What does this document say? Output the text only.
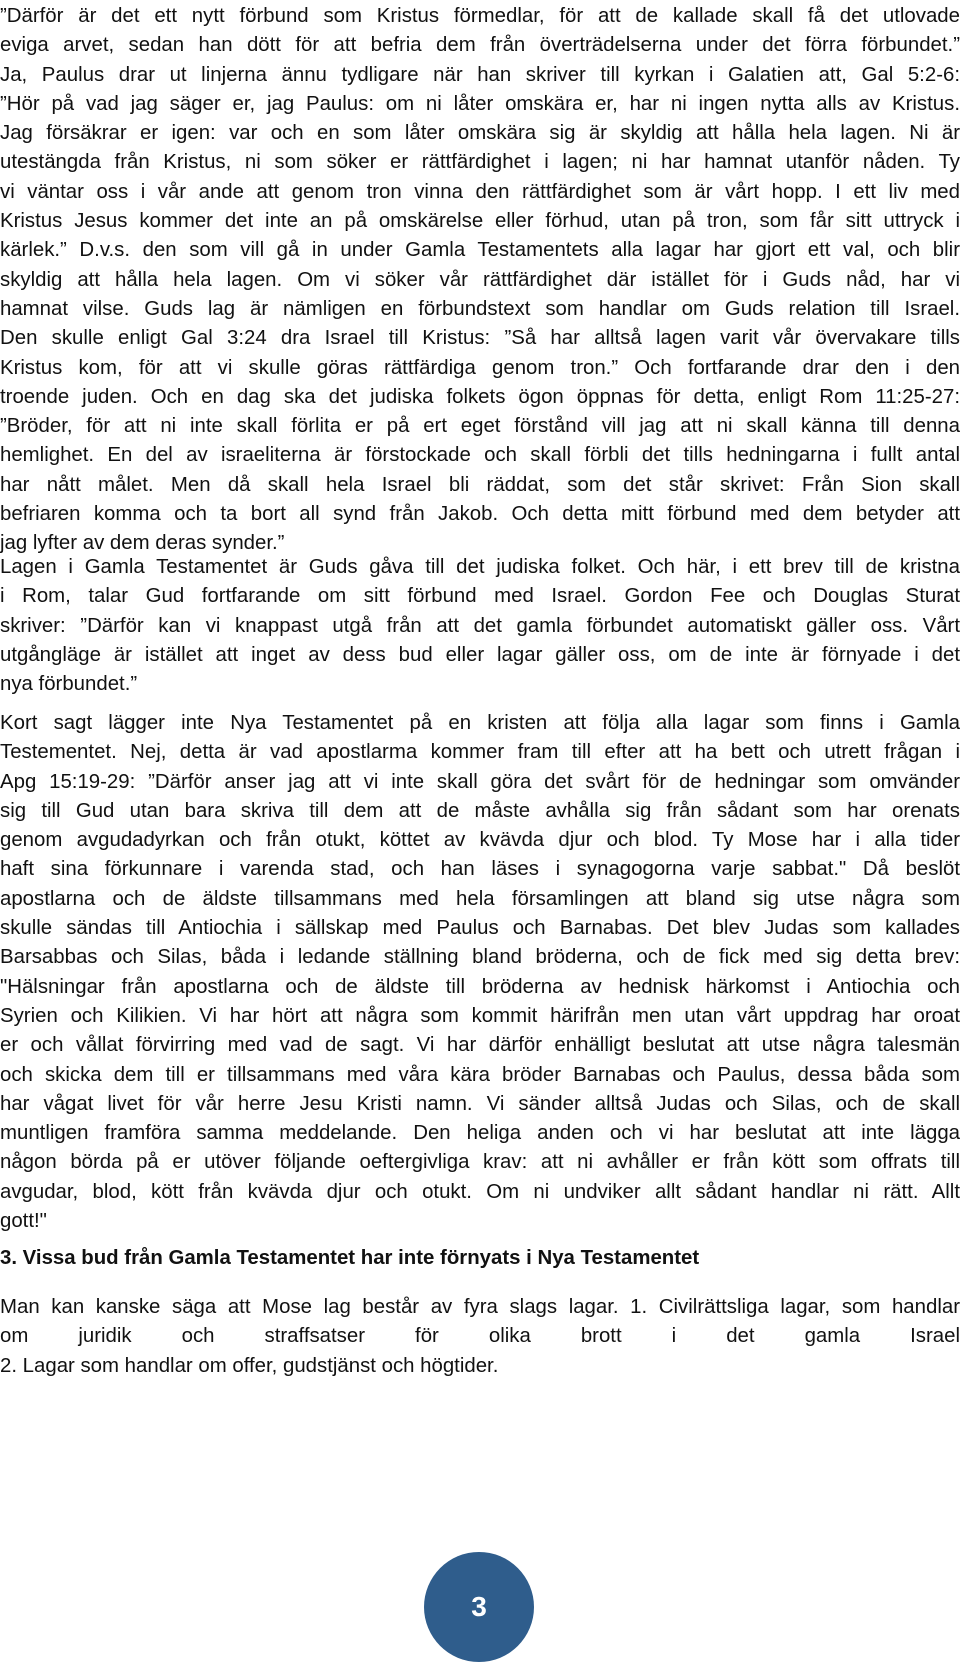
”Därför är det ett nytt förbund som Kristus förmedlar, för att de kallade skall få det utlovade
eviga arvet, sedan han dött för att befria dem från överträdelserna under det förra förbundet.”
Ja, Paulus drar ut linjerna ännu tydligare när han skriver till kyrkan i Galatien att, Gal 5:2-6:
”Hör på vad jag säger er, jag Paulus: om ni låter omskära er, har ni ingen nytta alls av Kristus.
Jag försäkrar er igen: var och en som låter omskära sig är skyldig att hålla hela lagen. Ni är
utestängda från Kristus, ni som söker er rättfärdighet i lagen; ni har hamnat utanför nåden. Ty
vi väntar oss i vår ande att genom tron vinna den rättfärdighet som är vårt hopp. I ett liv med
Kristus Jesus kommer det inte an på omskärelse eller förhud, utan på tron, som får sitt uttryck i
kärlek.” D.v.s. den som vill gå in under Gamla Testamentets alla lagar har gjort ett val, och blir
skyldig att hålla hela lagen. Om vi söker vår rättfärdighet där istället för i Guds nåd, har vi
hamnat vilse. Guds lag är nämligen en förbundstext som handlar om Guds relation till Israel.
Den skulle enligt Gal 3:24 dra Israel till Kristus: ”Så har alltså lagen varit vår övervakare tills
Kristus kom, för att vi skulle göras rättfärdiga genom tron.” Och fortfarande drar den i den
troende juden. Och en dag ska det judiska folkets ögon öppnas för detta, enligt Rom 11:25-27:
”Bröder, för att ni inte skall förlita er på ert eget förstånd vill jag att ni skall känna till denna
hemlighet. En del av israeliterna är förstockade och skall förbli det tills hedningarna i fullt antal
har nått målet. Men då skall hela Israel bli räddat, som det står skrivet: Från Sion skall
befriaren komma och ta bort all synd från Jakob. Och detta mitt förbund med dem betyder att
jag lyfter av dem deras synder.”
Lagen i Gamla Testamentet är Guds gåva till det judiska folket. Och här, i ett brev till de kristna
i Rom, talar Gud fortfarande om sitt förbund med Israel. Gordon Fee och Douglas Sturat
skriver: ”Därför kan vi knappast utgå från att det gamla förbundet automatiskt gäller oss. Vårt
utgångläge är istället att inget av dess bud eller lagar gäller oss, om de inte är förnyade i det
nya förbundet.”
Kort sagt lägger inte Nya Testamentet på en kristen att följa alla lagar som finns i Gamla
Testementet. Nej, detta är vad apostlarma kommer fram till efter att ha bett och utrett frågan i
Apg 15:19-29: ”Därför anser jag att vi inte skall göra det svårt för de hedningar som omvänder
sig till Gud utan bara skriva till dem att de måste avhålla sig från sådant som har orenats
genom avgudadyrkan och från otukt, köttet av kvävda djur och blod. Ty Mose har i alla tider
haft sina förkunnare i varenda stad, och han läses i synagogorna varje sabbat." Då beslöt
apostlarna och de äldste tillsammans med hela församlingen att bland sig utse några som
skulle sändas till Antiochia i sällskap med Paulus och Barnabas. Det blev Judas som kallades
Barsabbas och Silas, båda i ledande ställning bland bröderna, och de fick med sig detta brev:
"Hälsningar från apostlarna och de äldste till bröderna av hednisk härkomst i Antiochia och
Syrien och Kilikien. Vi har hört att några som kommit härifrån men utan vårt uppdrag har oroat
er och vållat förvirring med vad de sagt. Vi har därför enhälligt beslutat att utse några talesmän
och skicka dem till er tillsammans med våra kära bröder Barnabas och Paulus, dessa båda som
har vågat livet för vår herre Jesu Kristi namn. Vi sänder alltså Judas och Silas, och de skall
muntligen framföra samma meddelande. Den heliga anden och vi har beslutat att inte lägga
någon börda på er utöver följande oeftergivliga krav: att ni avhåller er från kött som offrats till
avgudar, blod, kött från kvävda djur och otukt. Om ni undviker allt sådant handlar ni rätt. Allt
gott!"
3. Vissa bud från Gamla Testamentet har inte förnyats i Nya Testamentet
Man kan kanske säga att Mose lag består av fyra slags lagar. 1. Civilrättsliga lagar, som handlar
om juridik och straffsatser för olika brott i det gamla Israel
2. Lagar som handlar om offer, gudstjänst och högtider.
3
